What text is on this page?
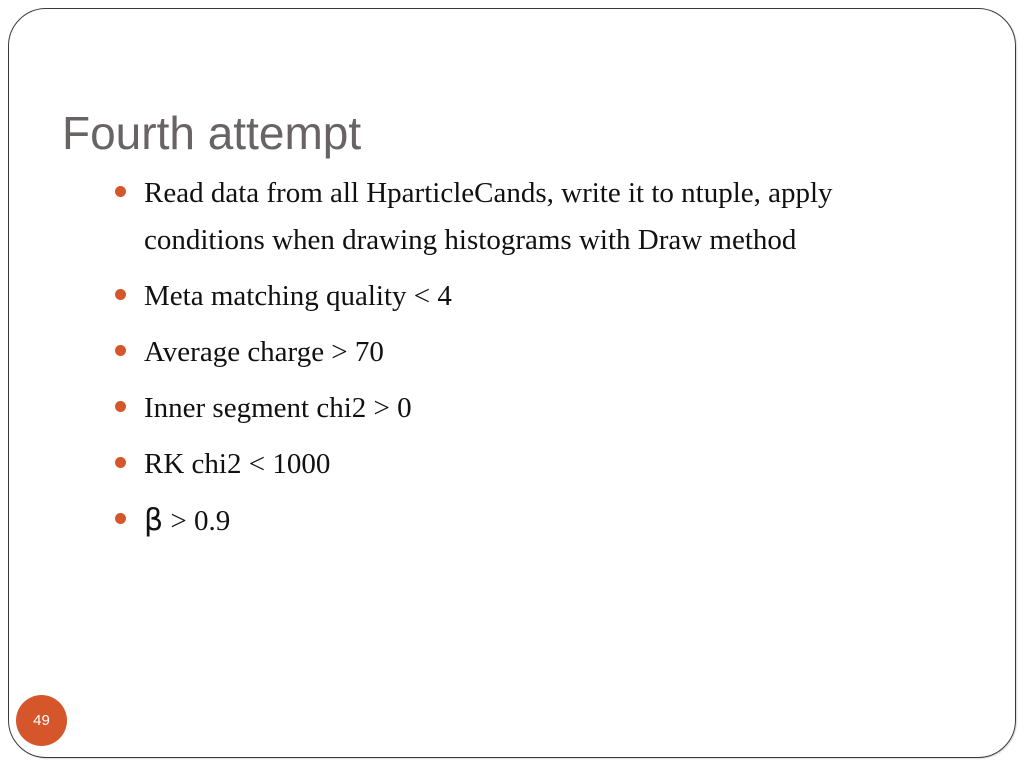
Fourth attempt
Read data from all HparticleCands, write it to ntuple, apply conditions when drawing histograms with Draw method
Meta matching quality < 4
Average charge > 70
Inner segment chi2 > 0
RK chi2 < 1000
β > 0.9
49
